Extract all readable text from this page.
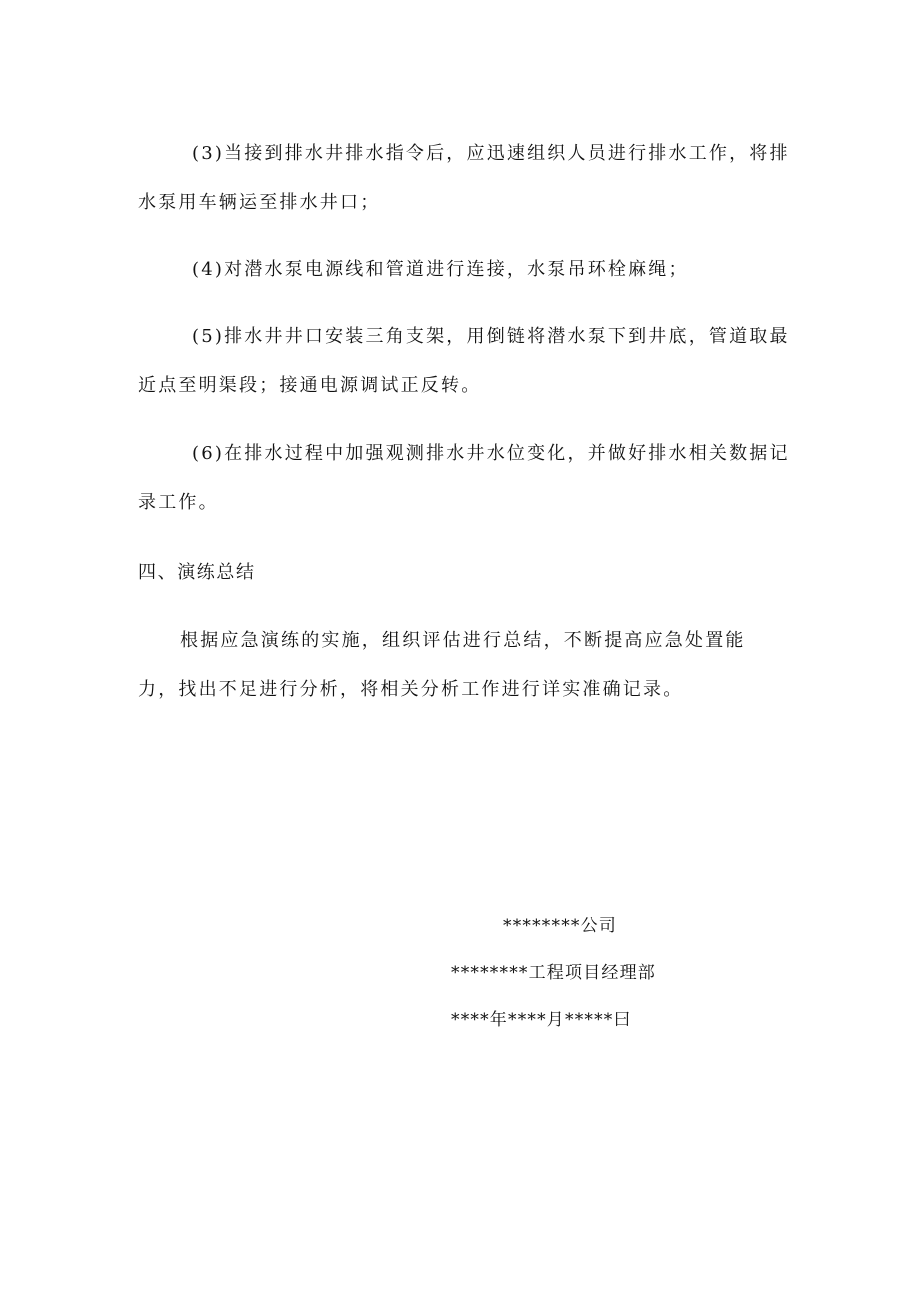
(3)当接到排水井排水指令后，应迅速组织人员进行排水工作，将排
水泵用车辆运至排水井口；
(4)对潜水泵电源线和管道进行连接，水泵吊环栓麻绳；
(5)排水井井口安装三角支架，用倒链将潜水泵下到井底，管道取最
近点至明渠段；接通电源调试正反转。
(6)在排水过程中加强观测排水井水位变化，并做好排水相关数据记
录工作。
四、演练总结
根据应急演练的实施，组织评估进行总结，不断提高应急处置能
力，找出不足进行分析，将相关分析工作进行详实准确记录。
********公司
********工程项目经理部
****年****月*****曰
